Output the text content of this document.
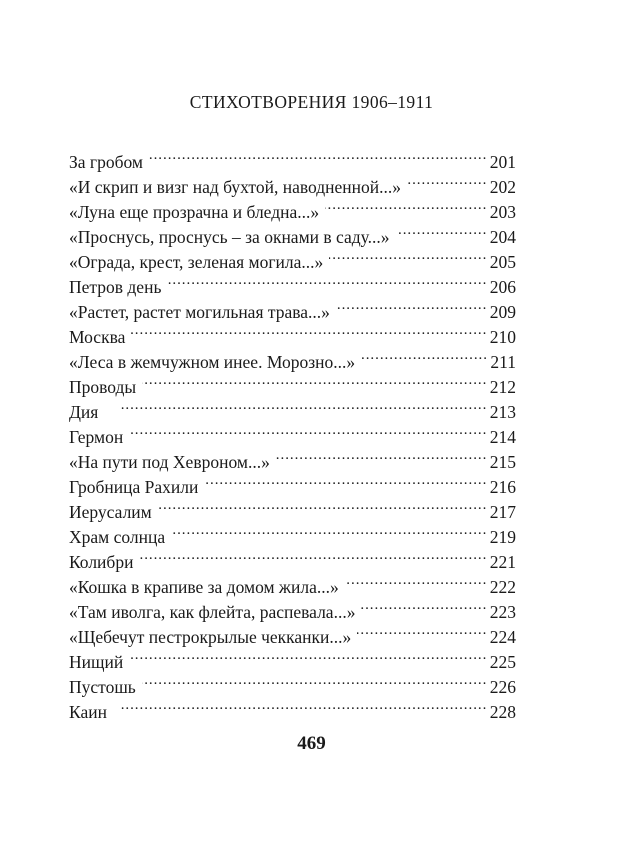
СТИХОТВОРЕНИЯ 1906–1911
За гробом . . .	201
«И скрип и визг над бухтой, наводненной...» . . .	202
«Луна еще прозрачна и бледна...» . . .	203
«Проснусь, проснусь – за окнами в саду...» . . .	204
«Ограда, крест, зеленая могила...» . . .	205
Петров день . . .	206
«Растет, растет могильная трава...» . . .	209
Москва . . .	210
«Леса в жемчужном инее. Морозно...» . . .	211
Проводы . . .	212
Дия . . .	213
Гермон . . .	214
«На пути под Хевроном...» . . .	215
Гробница Рахили . . .	216
Иерусалим . . .	217
Храм солнца . . .	219
Колибри . . .	221
«Кошка в крапиве за домом жила...» . . .	222
«Там иволга, как флейта, распевала...» . . .	223
«Щебечут пестрокрылые чекканки...» . . .	224
Нищий . . .	225
Пустошь . . .	226
Каин . . .	228
469
